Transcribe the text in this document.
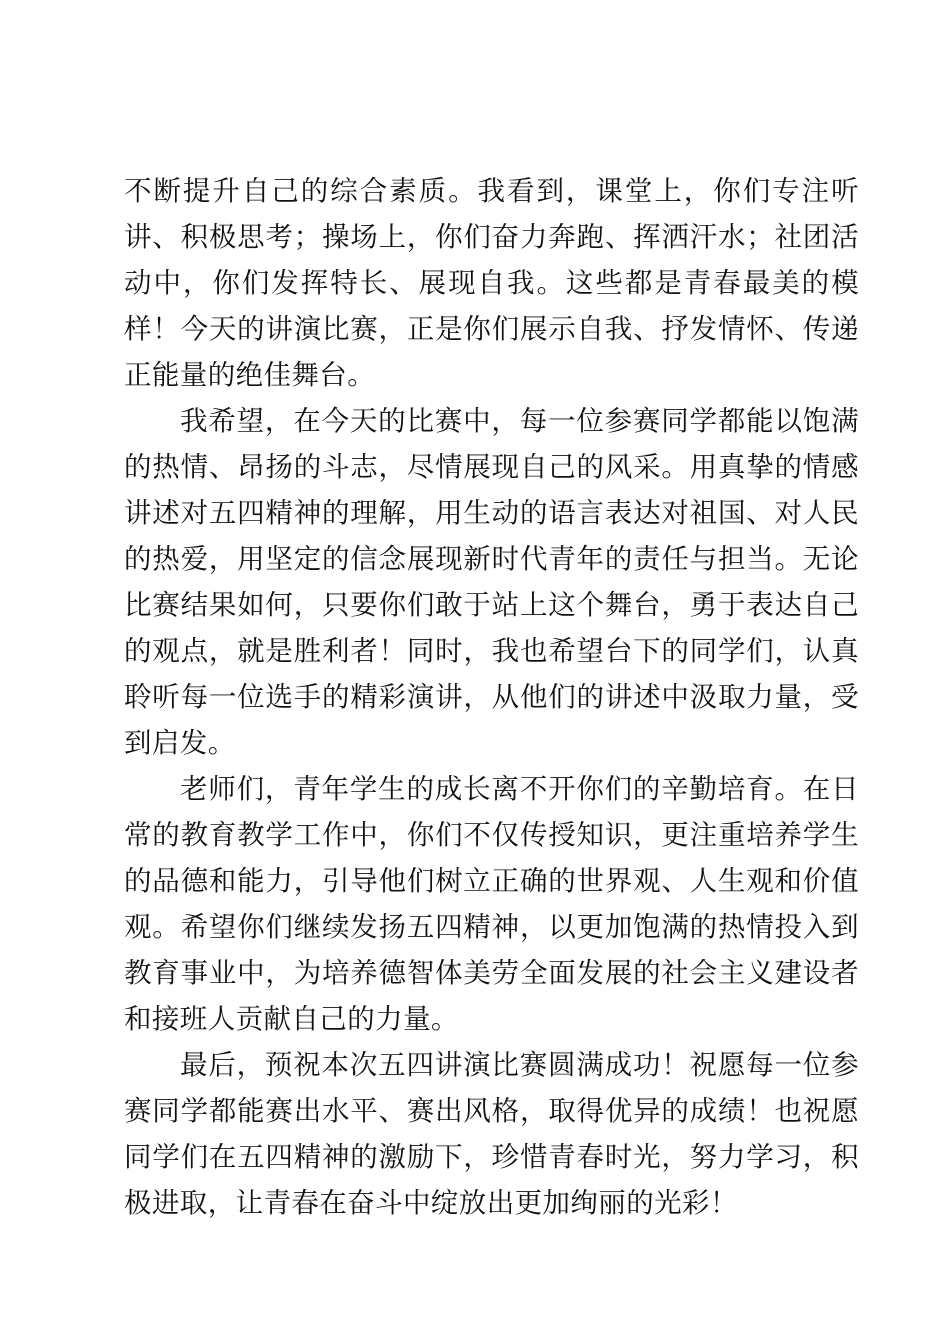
不断提升自己的综合素质。我看到，课堂上，你们专注听讲、积极思考；操场上，你们奋力奔跑、挥洒汗水；社团活动中，你们发挥特长、展现自我。这些都是青春最美的模样！今天的讲演比赛，正是你们展示自我、抒发情怀、传递正能量的绝佳舞台。

我希望，在今天的比赛中，每一位参赛同学都能以饱满的热情、昂扬的斗志，尽情展现自己的风采。用真挚的情感讲述对五四精神的理解，用生动的语言表达对祖国、对人民的热爱，用坚定的信念展现新时代青年的责任与担当。无论比赛结果如何，只要你们敢于站上这个舞台，勇于表达自己的观点，就是胜利者！同时，我也希望台下的同学们，认真聆听每一位选手的精彩演讲，从他们的讲述中汲取力量，受到启发。

老师们，青年学生的成长离不开你们的辛勤培育。在日常的教育教学工作中，你们不仅传授知识，更注重培养学生的品德和能力，引导他们树立正确的世界观、人生观和价值观。希望你们继续发扬五四精神，以更加饱满的热情投入到教育事业中，为培养德智体美劳全面发展的社会主义建设者和接班人贡献自己的力量。

最后，预祝本次五四讲演比赛圆满成功！祝愿每一位参赛同学都能赛出水平、赛出风格，取得优异的成绩！也祝愿同学们在五四精神的激励下，珍惜青春时光，努力学习，积极进取，让青春在奋斗中绽放出更加绚丽的光彩！
